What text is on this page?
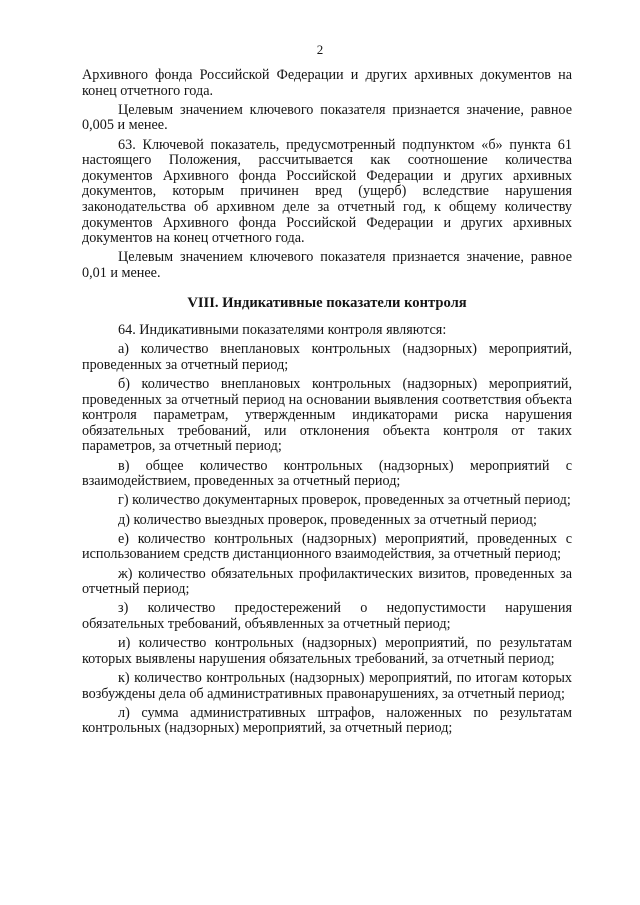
2

Архивного фонда Российской Федерации и других архивных документов на конец отчетного года.

Целевым значением ключевого показателя признается значение, равное 0,005 и менее.

63. Ключевой показатель, предусмотренный подпунктом «б» пункта 61 настоящего Положения, рассчитывается как соотношение количества документов Архивного фонда Российской Федерации и других архивных документов, которым причинен вред (ущерб) вследствие нарушения законодательства об архивном деле за отчетный год, к общему количеству документов Архивного фонда Российской Федерации и других архивных документов на конец отчетного года.

Целевым значением ключевого показателя признается значение, равное 0,01 и менее.

VIII. Индикативные показатели контроля

64. Индикативными показателями контроля являются:

а) количество внеплановых контрольных (надзорных) мероприятий, проведенных за отчетный период;

б) количество внеплановых контрольных (надзорных) мероприятий, проведенных за отчетный период на основании выявления соответствия объекта контроля параметрам, утвержденным индикаторами риска нарушения обязательных требований, или отклонения объекта контроля от таких параметров, за отчетный период;

в) общее количество контрольных (надзорных) мероприятий с взаимодействием, проведенных за отчетный период;

г) количество документарных проверок, проведенных за отчетный период;

д) количество выездных проверок, проведенных за отчетный период;

е) количество контрольных (надзорных) мероприятий, проведенных с использованием средств дистанционного взаимодействия, за отчетный период;

ж) количество обязательных профилактических визитов, проведенных за отчетный период;

з) количество предостережений о недопустимости нарушения обязательных требований, объявленных за отчетный период;

и) количество контрольных (надзорных) мероприятий, по результатам которых выявлены нарушения обязательных требований, за отчетный период;

к) количество контрольных (надзорных) мероприятий, по итогам которых возбуждены дела об административных правонарушениях, за отчетный период;

л) сумма административных штрафов, наложенных по результатам контрольных (надзорных) мероприятий, за отчетный период;
